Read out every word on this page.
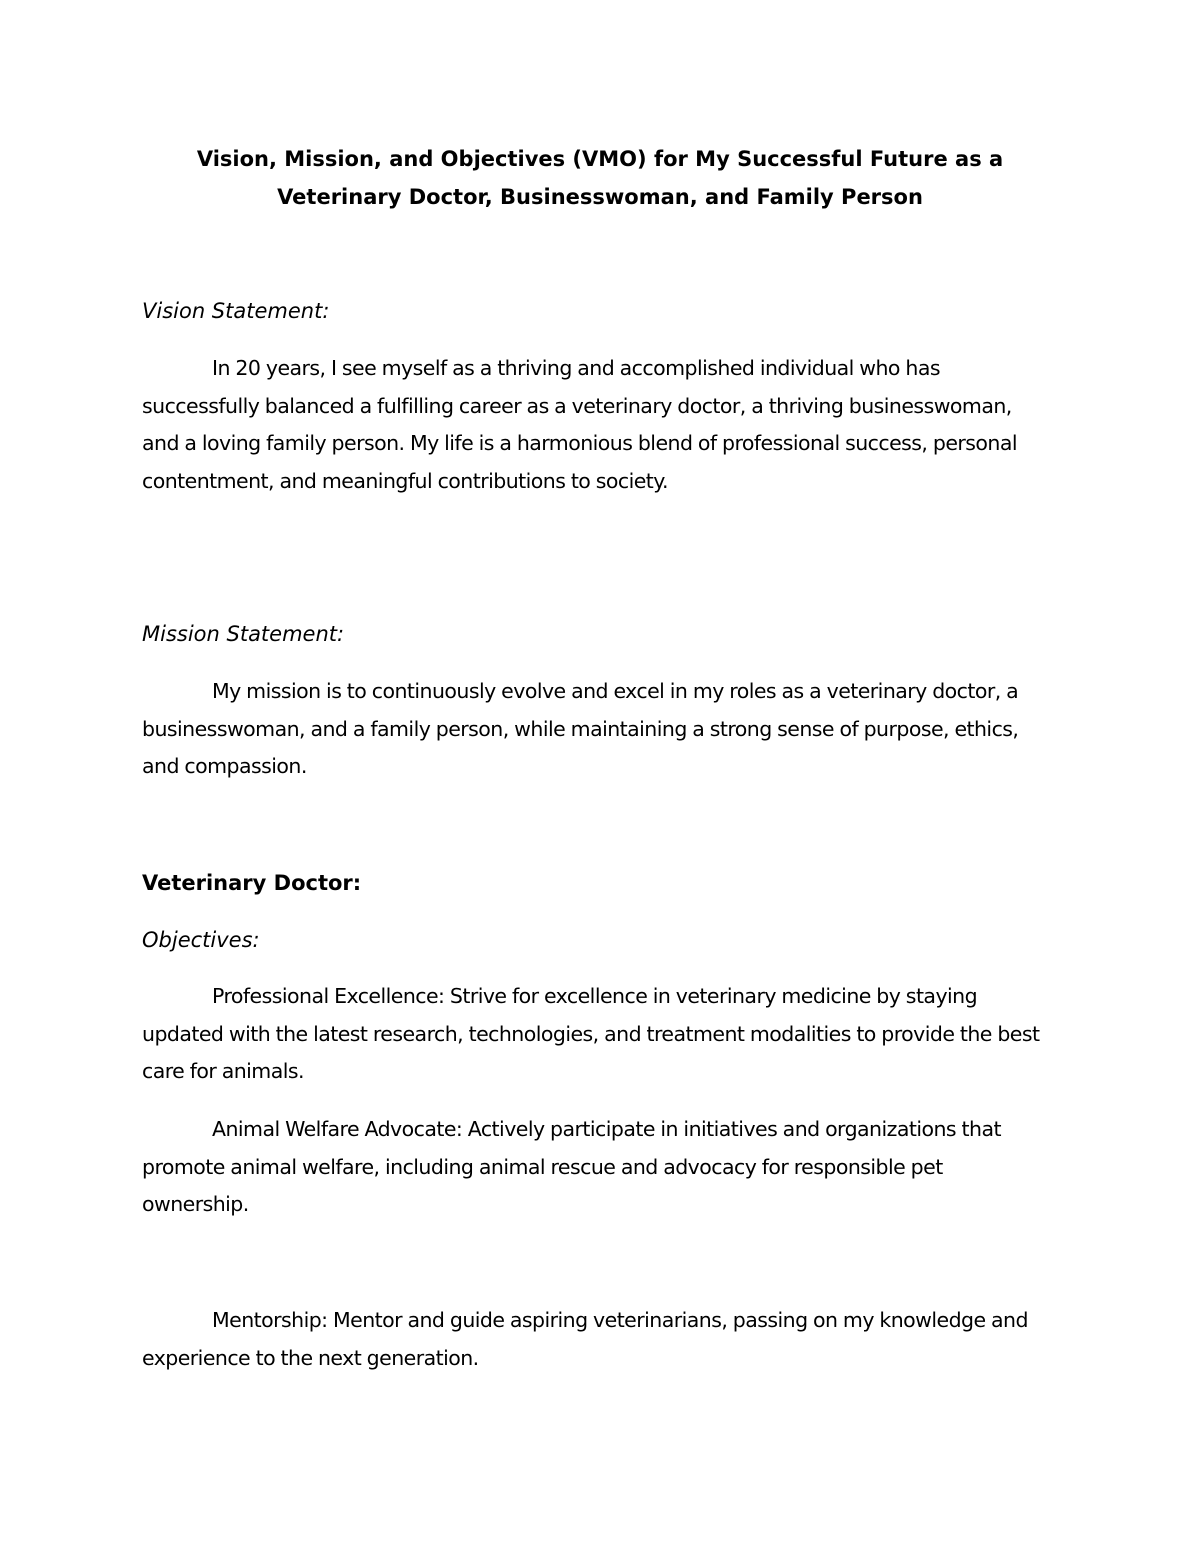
Vision, Mission, and Objectives (VMO) for My Successful Future as a
Veterinary Doctor, Businesswoman, and Family Person

Vision Statement:

In 20 years, I see myself as a thriving and accomplished individual who has successfully balanced a fulfilling career as a veterinary doctor, a thriving businesswoman, and a loving family person. My life is a harmonious blend of professional success, personal contentment, and meaningful contributions to society.

Mission Statement:

My mission is to continuously evolve and excel in my roles as a veterinary doctor, a businesswoman, and a family person, while maintaining a strong sense of purpose, ethics, and compassion.

Veterinary Doctor:

Objectives:

Professional Excellence: Strive for excellence in veterinary medicine by staying updated with the latest research, technologies, and treatment modalities to provide the best care for animals.

Animal Welfare Advocate: Actively participate in initiatives and organizations that promote animal welfare, including animal rescue and advocacy for responsible pet ownership.

Mentorship: Mentor and guide aspiring veterinarians, passing on my knowledge and experience to the next generation.
